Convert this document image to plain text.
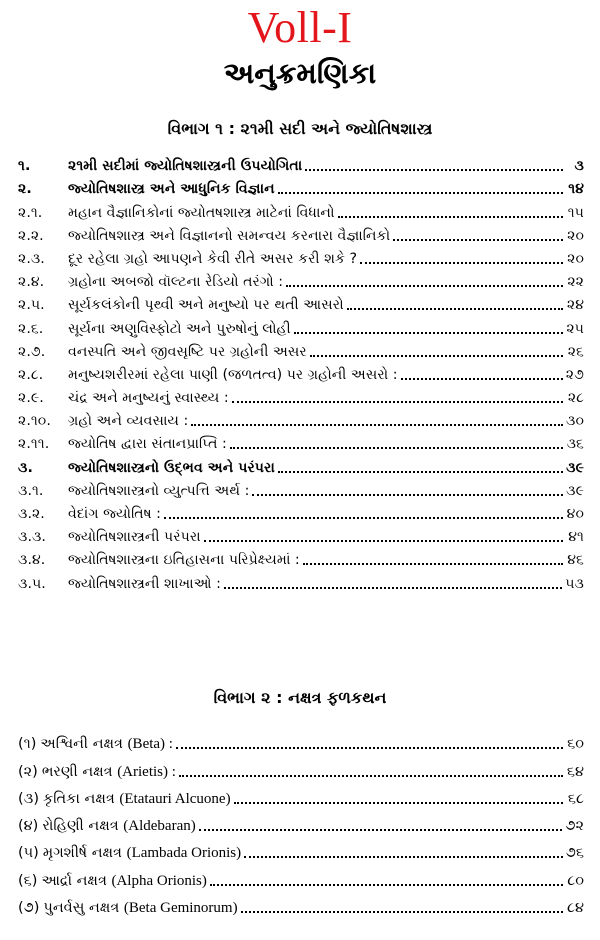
Voll-I
અનુક્રમણિકા
વિભાગ ૧ : ૨૧મી સદી અને જ્યોતિષશાસ્ત્ર
૧.	૨૧મી સદીમાં જ્યોતિષશાસ્ત્રની ઉપયોગિતા	૩
૨.	જ્યોતિષશાસ્ત્ર અને આધુનિક વિજ્ઞાન	૧૪
૨.૧.	મહાન વૈજ્ઞાનિકોનાં જ્યોતષશાસ્ત્ર માટેનાં વિધાનો	૧૫
૨.૨.	જ્યોતિષશાસ્ત્ર અને વિજ્ઞાનનો સમન્વય કરનારા વૈજ્ઞાનિકો	૨૦
૨.૩.	દૂર રહેલા ગ્રહો આપણને કેવી રીતે અસર કરી શકે ?	૨૦
૨.૪.	ગ્રહોના અબજો વૉલ્ટના રેડિયો તરંગો :	૨૨
૨.૫.	સૂર્યકલંકોની પૃથ્વી અને મનુષ્યો પર થતી આસરો	૨૪
૨.૬.	સૂર્યના અણુવિસ્ફોટો અને પુરુષોનું લોહી	૨૫
૨.૭.	વનસ્પતિ અને જીવસૃષ્ટિ પર ગ્રહોની અસર	૨૬
૨.૮.	મનુષ્યશરીરમાં રહેલા પાણી (જળતત્વ) પર ગ્રહોની અસરો :	૨૭
૨.૯.	ચંદ્ર અને મનુષ્યનું સ્વાસ્થ્ય :	૨૮
૨.૧૦.	ગ્રહો અને વ્યવસાય :	૩૦
૨.૧૧.	જ્યોતિષ દ્વારા સંતાનપ્રાપ્તિ :	૩૬
૩.	જ્યોતિષશાસ્ત્રનો ઉદ્ભવ અને પરંપરા	૩૯
૩.૧.	જ્યોતિષશાસ્ત્રનો વ્યુત્પત્તિ અર્થ :	૩૯
૩.૨.	વેદાંગ જ્યોતિષ :	૪૦
૩.૩.	જ્યોતિષશાસ્ત્રની પરંપરા	૪૧
૩.૪.	જ્યોતિષશાસ્ત્રના ઇતિહાસના પરિપ્રેક્ષ્યમાં :	૪૬
૩.૫.	જ્યોતિષશાસ્ત્રની શાખાઓ :	૫૩
વિભાગ ૨ : નક્ષત્ર ફળકથન
(૧) અશ્વિની નક્ષત્ર (Beta) :	૬૦
(૨) ભરણી નક્ષત્ર (Arietis) :	૬૪
(૩) કૃતિકા નક્ષત્ર (Etatauri Alcuone)	૬૮
(૪) રોહિણી નક્ષત્ર (Aldebaran)	૭૨
(૫) મૃગશીર્ષ નક્ષત્ર (Lambada Orionis)	૭૬
(૬) આર્દ્રા નક્ષત્ર (Alpha Orionis)	૮૦
(૭) પુનર્વસુ નક્ષત્ર (Beta Geminorum)	૮૪
